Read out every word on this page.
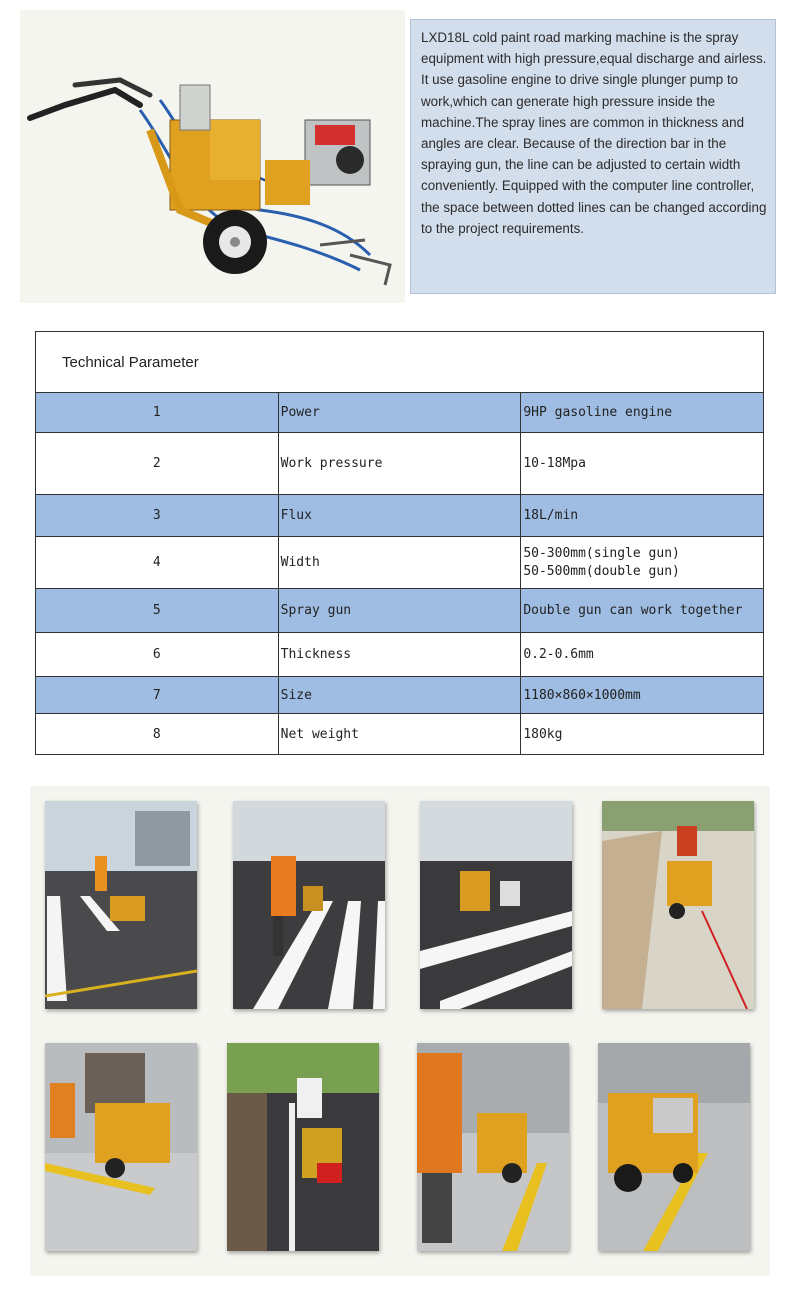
LXD18L cold paint road marking machine is the spray equipment with high pressure,equal discharge and airless. It use gasoline engine to drive single plunger pump to work,which can generate high pressure inside the machine.The spray lines are common in thickness and angles are clear. Because of the direction bar in the spraying gun, the line can be adjusted to certain width conveniently. Equipped with the computer line controller, the space between dotted lines can be changed according to the project requirements.
Technical Parameter		
1	Power	9HP gasoline engine
2	Work pressure	10-18Mpa
3	Flux	18L/min
4	Width	50-300mm(single gun)
50-500mm(double gun)

5	Spray gun	Double gun can work together
6	Thickness	0.2-0.6mm
7	Size	1180×860×1000mm
8	Net weight	180kg
